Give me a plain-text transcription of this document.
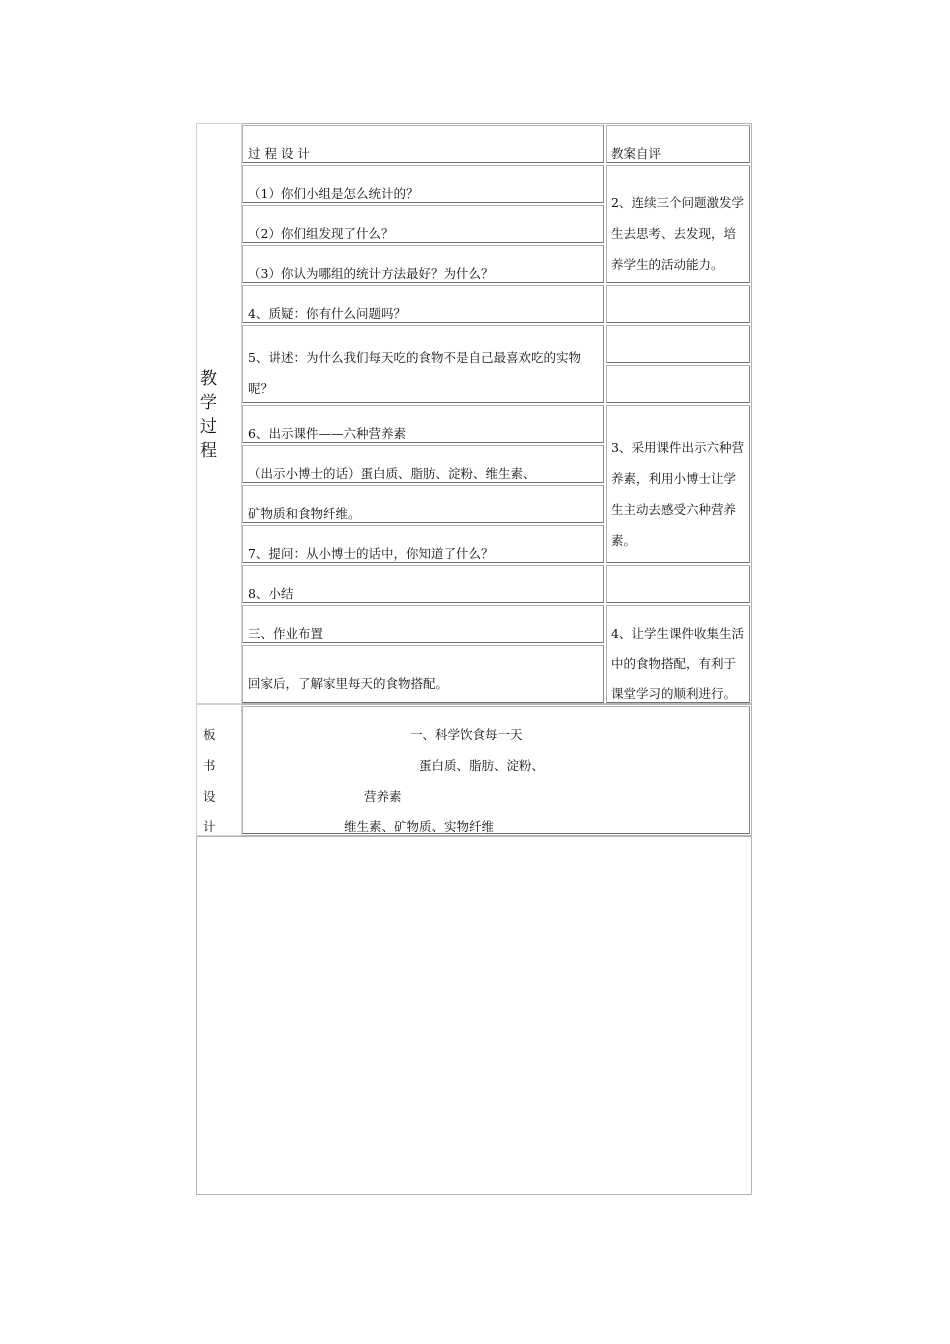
教
学
过
程
过 程 设 计
（1）你们小组是怎么统计的？
（2）你们组发现了什么？
（3）你认为哪组的统计方法最好？为什么？
4、质疑：你有什么问题吗？
5、讲述：为什么我们每天吃的食物不是自己最喜欢吃的实物
呢？
6、出示课件——六种营养素
（出示小博士的话）蛋白质、脂肪、淀粉、维生素、
矿物质和食物纤维。
7、提问：从小博士的话中，你知道了什么？
8、小结
三、作业布置
回家后，了解家里每天的食物搭配。
教案自评
2、连续三个问题激发学
生去思考、去发现，培
养学生的活动能力。
3、采用课件出示六种营
养素，利用小博士让学
生主动去感受六种营养
素。
4、让学生课件收集生活
中的食物搭配，有利于
课堂学习的顺利进行。
板
书
设
计
一、科学饮食每一天
蛋白质、脂肪、淀粉、
营养素
维生素、矿物质、实物纤维
